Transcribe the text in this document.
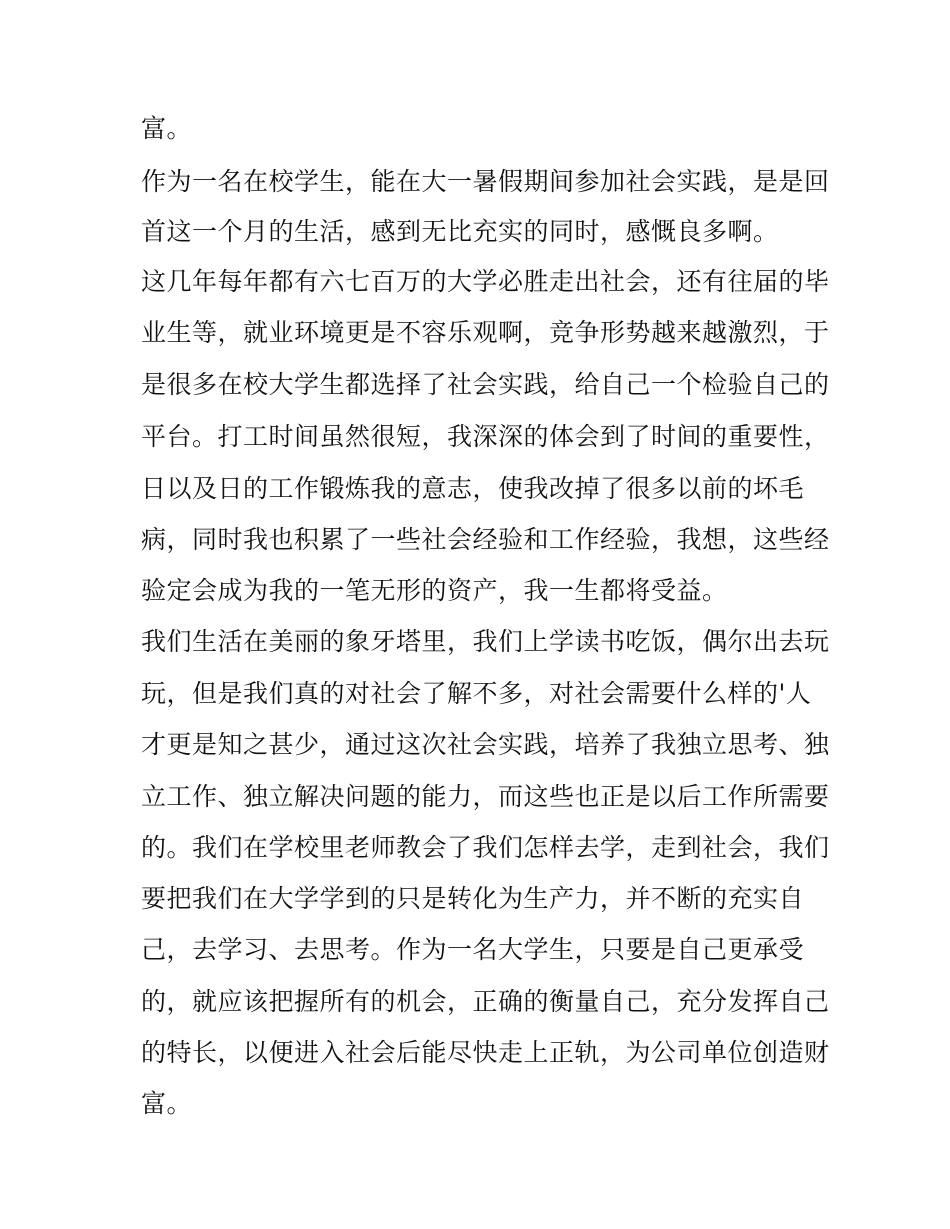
富。
作为一名在校学生，能在大一暑假期间参加社会实践，是是回
首这一个月的生活，感到无比充实的同时，感慨良多啊。
这几年每年都有六七百万的大学必胜走出社会，还有往届的毕
业生等，就业环境更是不容乐观啊，竞争形势越来越激烈，于
是很多在校大学生都选择了社会实践，给自己一个检验自己的
平台。打工时间虽然很短，我深深的体会到了时间的重要性，
日以及日的工作锻炼我的意志，使我改掉了很多以前的坏毛
病，同时我也积累了一些社会经验和工作经验，我想，这些经
验定会成为我的一笔无形的资产，我一生都将受益。
我们生活在美丽的象牙塔里，我们上学读书吃饭，偶尔出去玩
玩，但是我们真的对社会了解不多，对社会需要什么样的'人
才更是知之甚少，通过这次社会实践，培养了我独立思考、独
立工作、独立解决问题的能力，而这些也正是以后工作所需要
的。我们在学校里老师教会了我们怎样去学，走到社会，我们
要把我们在大学学到的只是转化为生产力，并不断的充实自
己，去学习、去思考。作为一名大学生，只要是自己更承受
的，就应该把握所有的机会，正确的衡量自己，充分发挥自己
的特长，以便进入社会后能尽快走上正轨，为公司单位创造财
富。
